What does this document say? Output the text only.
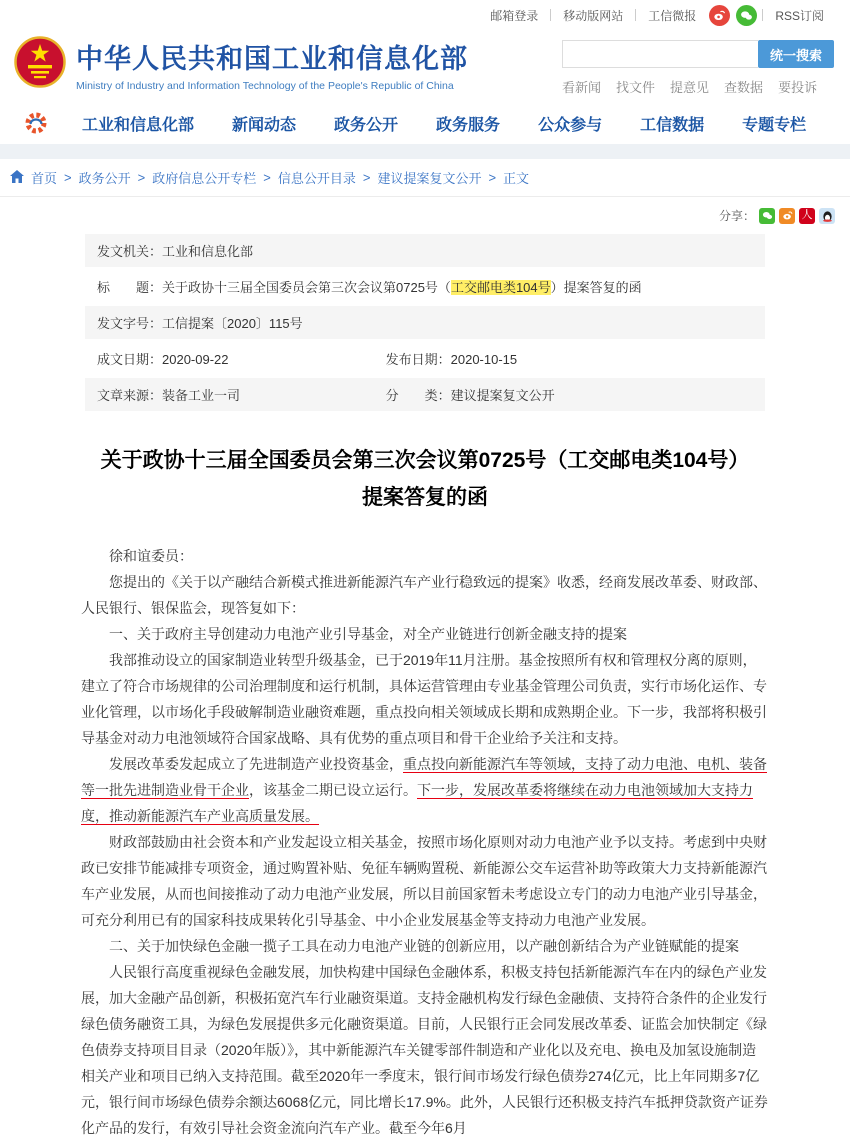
邮箱登录 移动版网站 工信微报	RSS订阅
中华人民共和国工业和信息化部
Ministry of Industry and Information Technology of the People's Republic of China
统一搜索
看新闻 找文件 提意见 查数据 要投诉
工业和信息化部 新闻动态 政务公开 政务服务 公众参与 工信数据 专题专栏
首页 > 政务公开 > 政府信息公开专栏 > 信息公开目录 > 建议提案复文公开 > 正文
分享：	人
发文机关：工业和信息化部
标　　题：关于政协十三届全国委员会第三次会议第0725号（工交邮电类104号）提案答复的函
发文字号：工信提案〔2020〕115号
成文日期：2020-09-22	发布日期：2020-10-15
文章来源：装备工业一司	分　　类：建议提案复文公开
关于政协十三届全国委员会第三次会议第0725号（工交邮电类104号）提案答复的函

徐和谊委员：

您提出的《关于以产融结合新模式推进新能源汽车产业行稳致远的提案》收悉，经商发展改革委、财政部、人民银行、银保监会，现答复如下：

一、关于政府主导创建动力电池产业引导基金，对全产业链进行创新金融支持的提案

我部推动设立的国家制造业转型升级基金，已于2019年11月注册。基金按照所有权和管理权分离的原则，建立了符合市场规律的公司治理制度和运行机制，具体运营管理由专业基金管理公司负责，实行市场化运作、专业化管理，以市场化手段破解制造业融资难题，重点投向相关领域成长期和成熟期企业。下一步，我部将积极引导基金对动力电池领域符合国家战略、具有优势的重点项目和骨干企业给予关注和支持。

发展改革委发起成立了先进制造产业投资基金，重点投向新能源汽车等领域，支持了动力电池、电机、装备等一批先进制造业骨干企业，该基金二期已设立运行。下一步，发展改革委将继续在动力电池领域加大支持力度，推动新能源汽车产业高质量发展。

财政部鼓励由社会资本和产业发起设立相关基金，按照市场化原则对动力电池产业予以支持。考虑到中央财政已安排节能减排专项资金，通过购置补贴、免征车辆购置税、新能源公交车运营补助等政策大力支持新能源汽车产业发展，从而也间接推动了动力电池产业发展，所以目前国家暂未考虑设立专门的动力电池产业引导基金，可充分利用已有的国家科技成果转化引导基金、中小企业发展基金等支持动力电池产业发展。

二、关于加快绿色金融一揽子工具在动力电池产业链的创新应用，以产融创新结合为产业链赋能的提案

人民银行高度重视绿色金融发展，加快构建中国绿色金融体系，积极支持包括新能源汽车在内的绿色产业发展，加大金融产品创新，积极拓宽汽车行业融资渠道。支持金融机构发行绿色金融债、支持符合条件的企业发行绿色债务融资工具，为绿色发展提供多元化融资渠道。目前，人民银行正会同发展改革委、证监会加快制定《绿色债券支持项目目录（2020年版）》，其中新能源汽车关键零部件制造和产业化以及充电、换电及加氢设施制造相关产业和项目已纳入支持范围。截至2020年一季度末，银行间市场发行绿色债券274亿元，比上年同期多7亿元，银行间市场绿色债券余额达6068亿元，同比增长17.9%。此外，人民银行还积极支持汽车抵押贷款资产证券化产品的发行，有效引导社会资金流向汽车产业。截至今年6月
